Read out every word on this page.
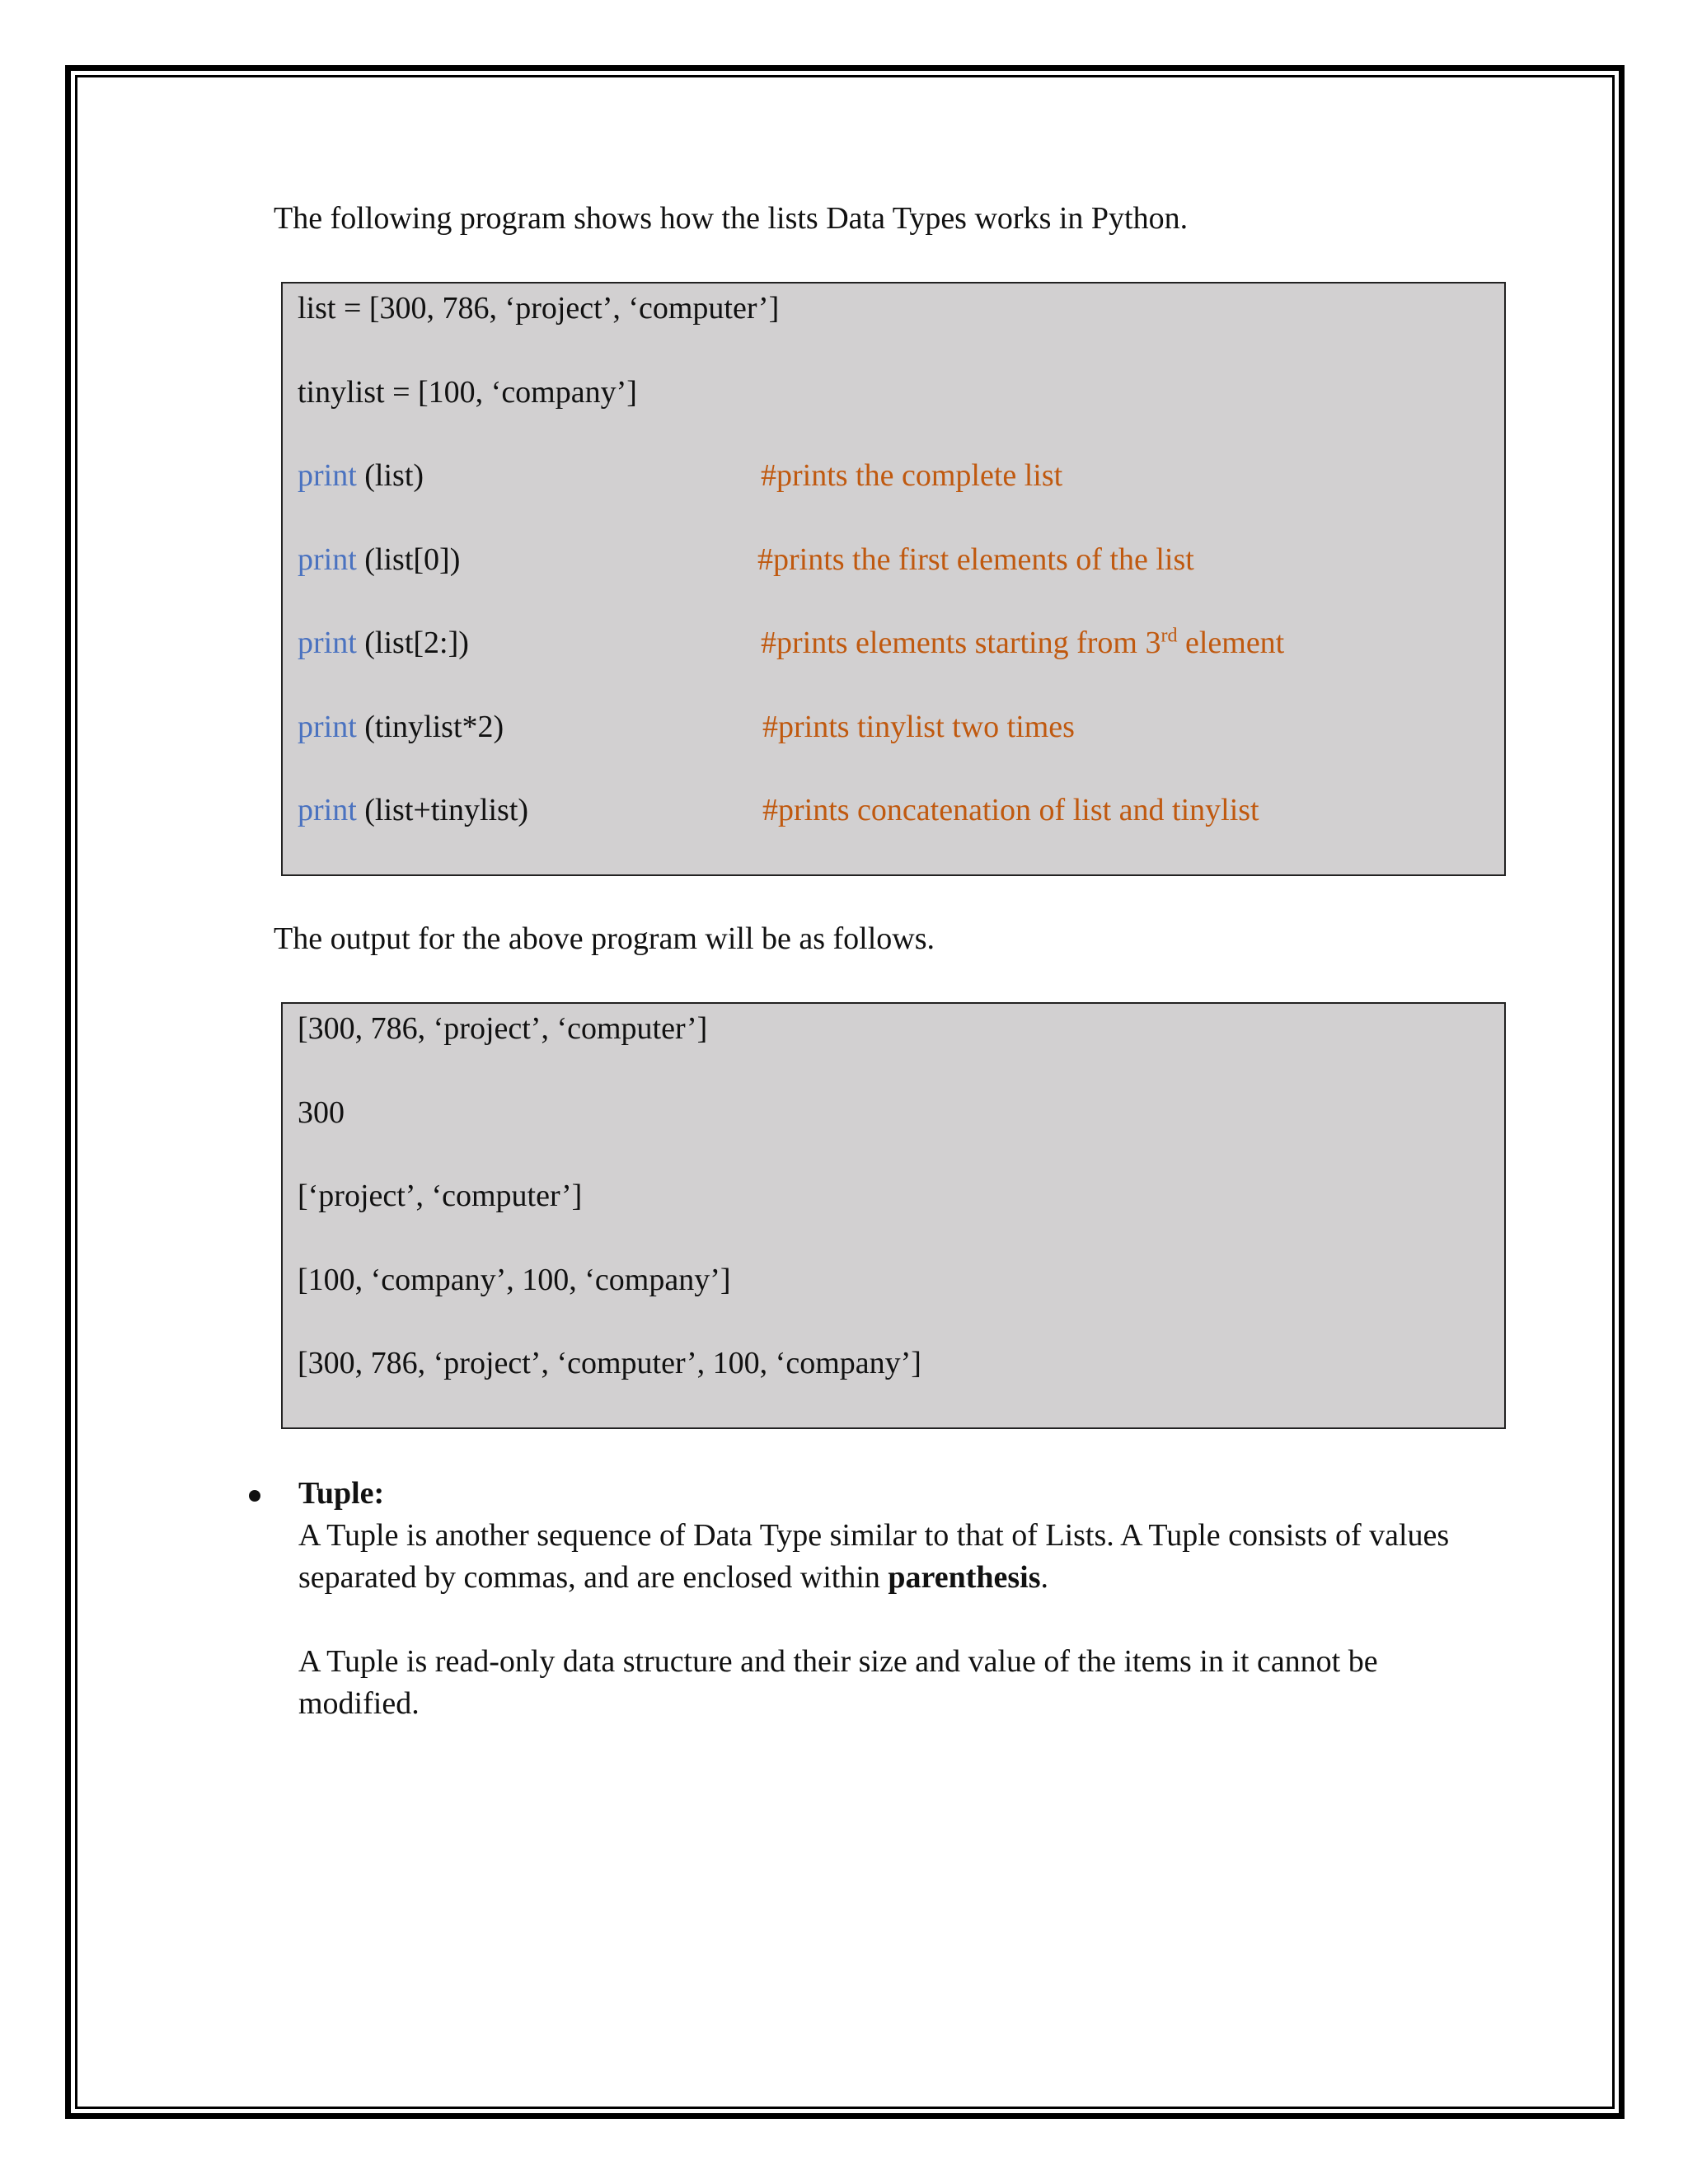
The following program shows how the lists Data Types works in Python.

list = [300, 786, ‘project’, ‘computer’]
tinylist = [100, ‘company’]
print (list)	#prints the complete list
print (list[0])	#prints the first elements of the list
print (list[2:])	#prints elements starting from 3rd element
print (tinylist*2)	#prints tinylist two times
print (list+tinylist)	#prints concatenation of list and tinylist

The output for the above program will be as follows.

[300, 786, ‘project’, ‘computer’]
300
[‘project’, ‘computer’]
[100, ‘company’, 100, ‘company’]
[300, 786, ‘project’, ‘computer’, 100, ‘company’]
Tuple:

A Tuple is another sequence of Data Type similar to that of Lists. A Tuple consists of values separated by commas, and are enclosed within parenthesis.

A Tuple is read-only data structure and their size and value of the items in it cannot be modified.
